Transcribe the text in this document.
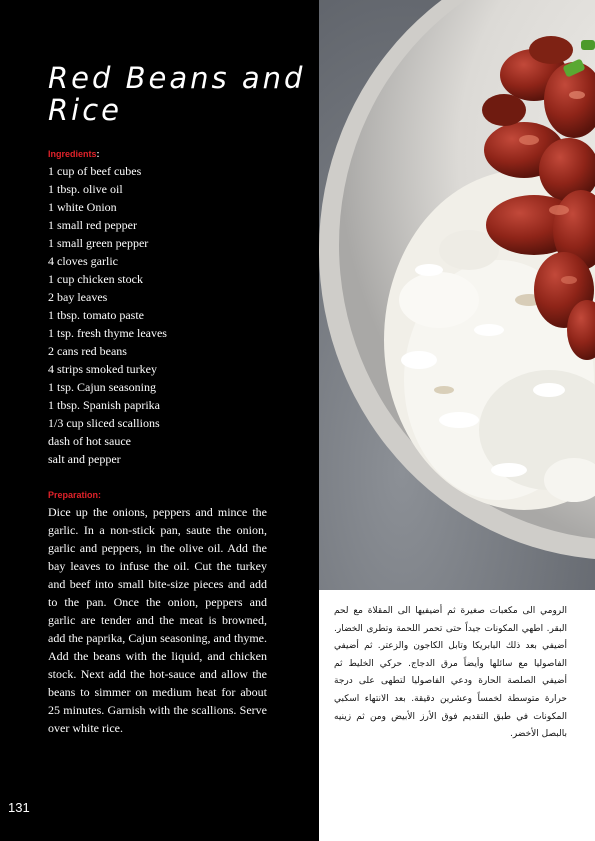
Red Beans and Rice
Ingredients:
1 cup of beef cubes
1 tbsp. olive oil
1 white Onion
1 small red pepper
1 small green pepper
4 cloves garlic
1 cup chicken stock
2 bay leaves
1 tbsp. tomato paste
1 tsp. fresh thyme leaves
2 cans red beans
4 strips smoked turkey
1 tsp. Cajun seasoning
1 tbsp. Spanish paprika
1/3 cup sliced scallions
dash of hot sauce
salt and pepper
Preparation:

Dice up the onions, peppers and mince the garlic. In a non-stick pan, saute the onion, garlic and peppers, in the olive oil. Add the bay leaves to infuse the oil. Cut the turkey and beef into small bite-size pieces and add to the pan. Once the onion, peppers and garlic are tender and the meat is browned, add the paprika, Cajun seasoning, and thyme. Add the beans with the liquid, and chicken stock. Next add the hot-sauce and allow the beans to simmer on medium heat for about 25 minutes. Garnish with the scallions. Serve over white rice.

131

الرومي الى مكعبات صغيرة ثم أضيفيها الى المقلاة مع لحم البقر. اطهي المكونات جيداً حتى تحمر اللحمة وتطرى الخضار. أضيفي بعد ذلك البابريكا وتابل الكاجون والزعتر. ثم أضيفي الفاصوليا مع سائلها وأيضاً مرق الدجاج. حركي الخليط ثم أضيفي الصلصة الحارة ودعي الفاصوليا لتطهى على درجة حرارة متوسطة لخمساً وعشرين دقيقة. بعد الانتهاء اسكبي المكونات في طبق التقديم فوق الأرز الأبيض ومن ثم زينيه بالبصل الأخضر.
